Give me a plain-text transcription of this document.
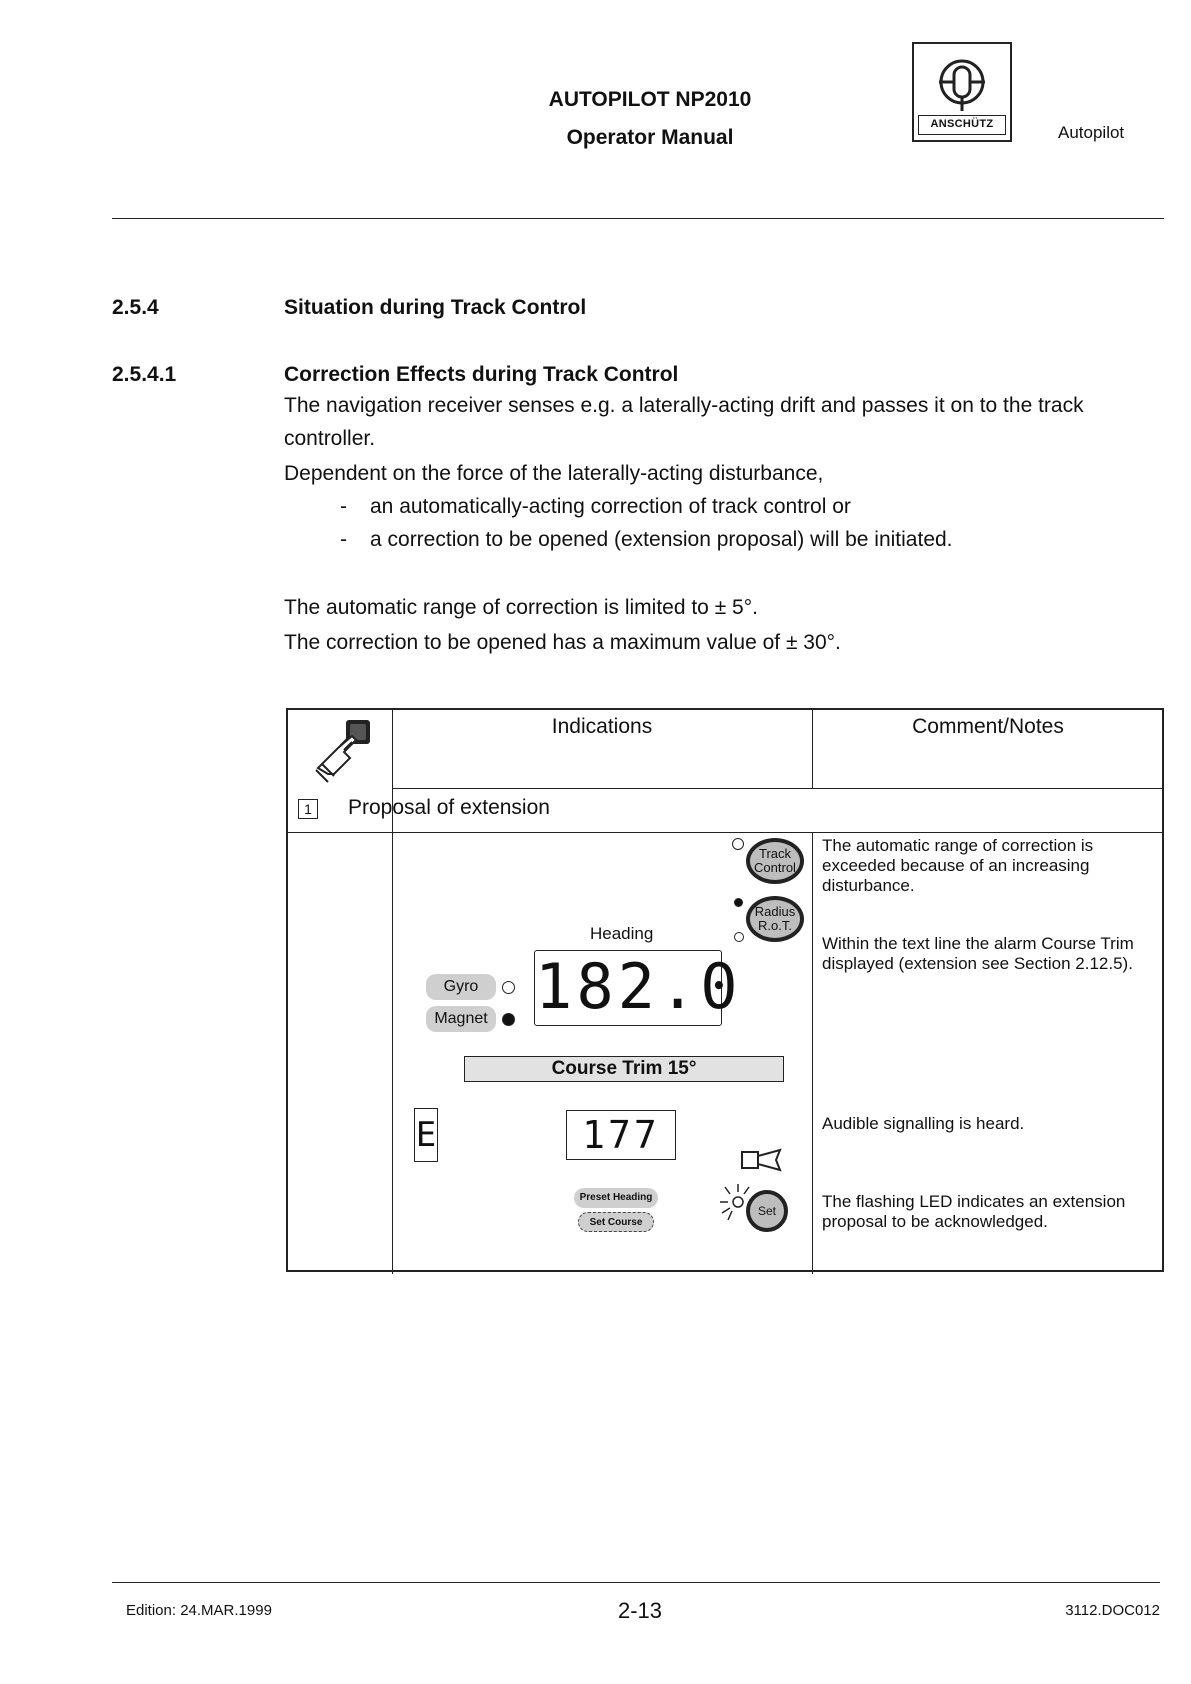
AUTOPILOT NP2010
Operator Manual
ANSCHÜTZ	Autopilot
2.5.4	Situation during Track Control
2.5.4.1	Correction Effects during Track Control
The navigation receiver senses e.g. a laterally-acting drift and passes it on to the track controller.
Dependent on the force of the laterally-acting disturbance,
- an automatically-acting correction of track control or
- a correction to be opened (extension proposal) will be initiated.
The automatic range of correction is limited to ± 5°.
The correction to be opened has a maximum value of ± 30°.
Indications	Comment/Notes
1 Proposal of extension
Track Control
Radius R.o.T.
Heading
Gyro
Magnet 182.0
Course Trim 15°
E	177
Preset Heading
Set Course
Set
The automatic range of correction is exceeded because of an increasing disturbance.
Within the text line the alarm Course Trim displayed (extension see Section 2.12.5).
Audible signalling is heard.
The flashing LED indicates an extension proposal to be acknowledged.
Edition: 24.MAR.1999	2-13	3112.DOC012
